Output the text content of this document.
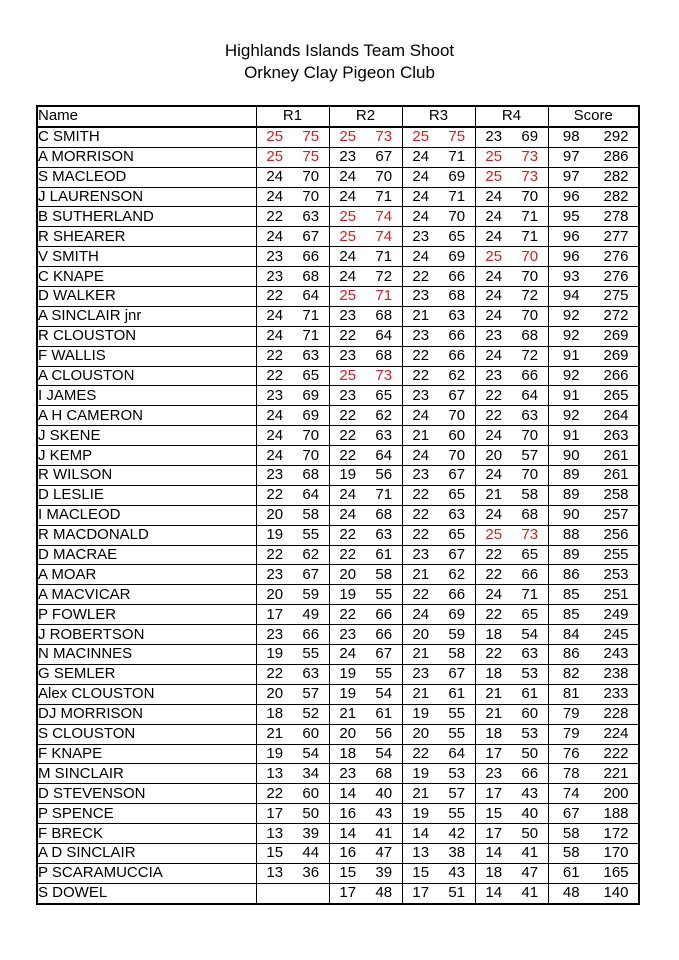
Highlands Islands Team Shoot
Orkney Clay Pigeon Club
Name	R1		R2		R3		R4		Score	
C SMITH	25	75	25	73	25	75	23	69	98	292
A MORRISON	25	75	23	67	24	71	25	73	97	286
S MACLEOD	24	70	24	70	24	69	25	73	97	282
J LAURENSON	24	70	24	71	24	71	24	70	96	282
B SUTHERLAND	22	63	25	74	24	70	24	71	95	278
R SHEARER	24	67	25	74	23	65	24	71	96	277
V SMITH	23	66	24	71	24	69	25	70	96	276
C KNAPE	23	68	24	72	22	66	24	70	93	276
D WALKER	22	64	25	71	23	68	24	72	94	275
A SINCLAIR jnr	24	71	23	68	21	63	24	70	92	272
R CLOUSTON	24	71	22	64	23	66	23	68	92	269
F WALLIS	22	63	23	68	22	66	24	72	91	269
A CLOUSTON	22	65	25	73	22	62	23	66	92	266
I JAMES	23	69	23	65	23	67	22	64	91	265
A H CAMERON	24	69	22	62	24	70	22	63	92	264
J SKENE	24	70	22	63	21	60	24	70	91	263
J KEMP	24	70	22	64	24	70	20	57	90	261
R WILSON	23	68	19	56	23	67	24	70	89	261
D LESLIE	22	64	24	71	22	65	21	58	89	258
I MACLEOD	20	58	24	68	22	63	24	68	90	257
R MACDONALD	19	55	22	63	22	65	25	73	88	256
D MACRAE	22	62	22	61	23	67	22	65	89	255
A MOAR	23	67	20	58	21	62	22	66	86	253
A MACVICAR	20	59	19	55	22	66	24	71	85	251
P FOWLER	17	49	22	66	24	69	22	65	85	249
J ROBERTSON	23	66	23	66	20	59	18	54	84	245
N MACINNES	19	55	24	67	21	58	22	63	86	243
G SEMLER	22	63	19	55	23	67	18	53	82	238
Alex CLOUSTON	20	57	19	54	21	61	21	61	81	233
DJ MORRISON	18	52	21	61	19	55	21	60	79	228
S CLOUSTON	21	60	20	56	20	55	18	53	79	224
F KNAPE	19	54	18	54	22	64	17	50	76	222
M SINCLAIR	13	34	23	68	19	53	23	66	78	221
D STEVENSON	22	60	14	40	21	57	17	43	74	200
P SPENCE	17	50	16	43	19	55	15	40	67	188
F BRECK	13	39	14	41	14	42	17	50	58	172
A D SINCLAIR	15	44	16	47	13	38	14	41	58	170
P SCARAMUCCIA	13	36	15	39	15	43	18	47	61	165
S DOWEL			17	48	17	51	14	41	48	140
